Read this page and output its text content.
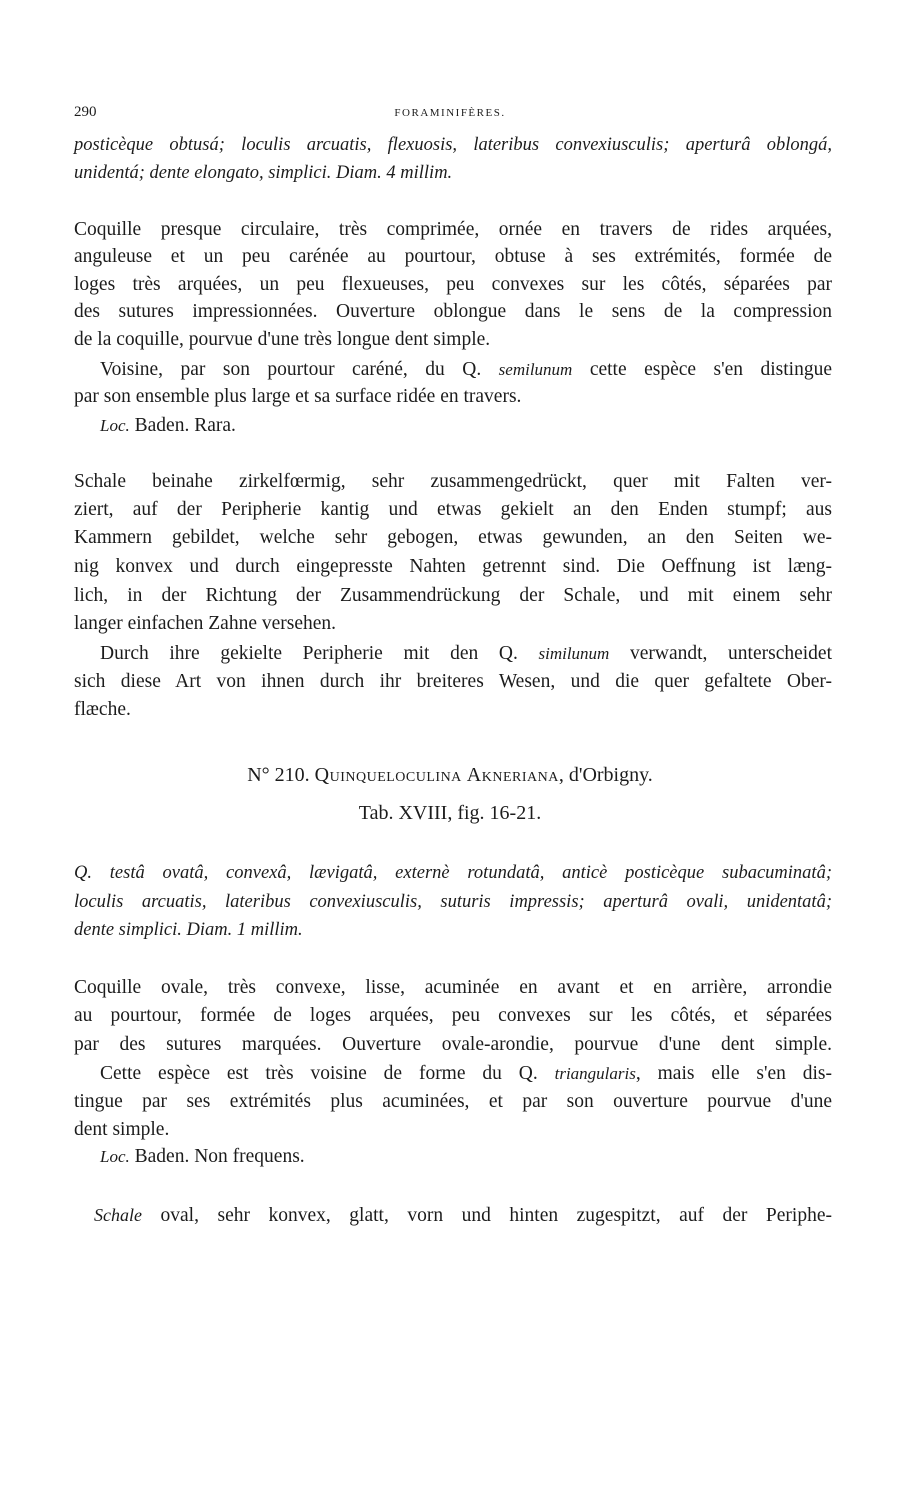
290	FORAMINIFÈRES.
posticèque obtusá; loculis arcuatis, flexuosis, lateribus convexiusculis; aperturâ oblongá,
unidentá; dente elongato, simplici. Diam. 4 millim.
Coquille presque circulaire, très comprimée, ornée en travers de rides arquées,
anguleuse et un peu carénée au pourtour, obtuse à ses extrémités, formée de
loges très arquées, un peu flexueuses, peu convexes sur les côtés, séparées par
des sutures impressionnées. Ouverture oblongue dans le sens de la compression
de la coquille, pourvue d'une très longue dent simple.
Voisine, par son pourtour caréné, du Q. semilunum cette espèce s'en distingue
par son ensemble plus large et sa surface ridée en travers.
Loc. Baden. Rara.
Schale beinahe zirkelfœrmig, sehr zusammengedrückt, quer mit Falten ver-
ziert, auf der Peripherie kantig und etwas gekielt an den Enden stumpf; aus
Kammern gebildet, welche sehr gebogen, etwas gewunden, an den Seiten we-
nig konvex und durch eingepresste Nahten getrennt sind. Die Oeffnung ist læng-
lich, in der Richtung der Zusammendrückung der Schale, und mit einem sehr
langer einfachen Zahne versehen.
Durch ihre gekielte Peripherie mit den Q. similunum verwandt, unterscheidet
sich diese Art von ihnen durch ihr breiteres Wesen, und die quer gefaltete Ober-
flæche.
N° 210. Quinqueloculina Akneriana, d'Orbigny.
Tab. XVIII, fig. 16-21.
Q. testâ ovatâ, convexâ, lævigatâ, externè rotundatâ, anticè posticèque subacuminatâ;
loculis arcuatis, lateribus convexiusculis, suturis impressis; aperturâ ovali, unidentatâ;
dente simplici. Diam. 1 millim.
Coquille ovale, très convexe, lisse, acuminée en avant et en arrière, arrondie
au pourtour, formée de loges arquées, peu convexes sur les côtés, et séparées
par des sutures marquées. Ouverture ovale-arondie, pourvue d'une dent simple.
Cette espèce est très voisine de forme du Q. triangularis, mais elle s'en dis-
tingue par ses extrémités plus acuminées, et par son ouverture pourvue d'une
dent simple.
Loc. Baden. Non frequens.
Schale oval, sehr konvex, glatt, vorn und hinten zugespitzt, auf der Periphe-
